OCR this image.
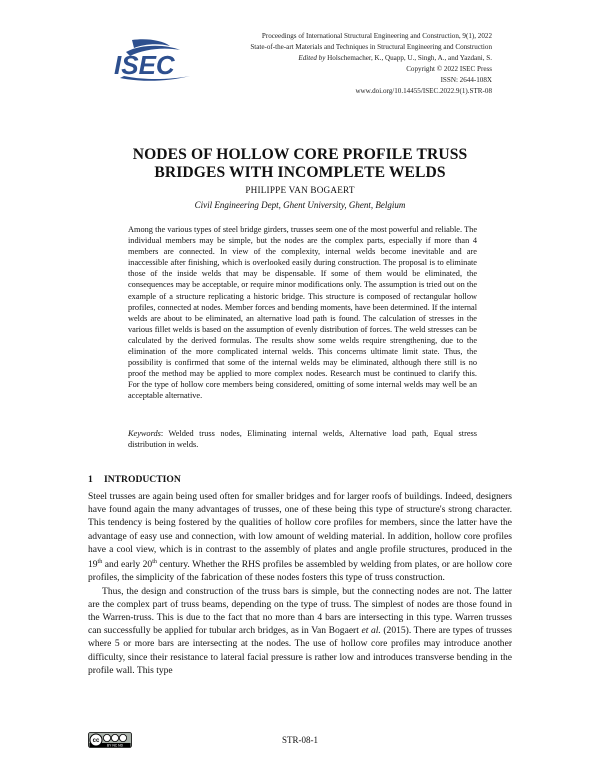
ISEC
Proceedings of International Structural Engineering and Construction, 9(1), 2022
State-of-the-art Materials and Techniques in Structural Engineering and Construction
Edited by Holschemacher, K., Quapp, U., Singh, A., and Yazdani, S.
Copyright © 2022 ISEC Press
ISSN: 2644-108X
www.doi.org/10.14455/ISEC.2022.9(1).STR-08
NODES OF HOLLOW CORE PROFILE TRUSS
BRIDGES WITH INCOMPLETE WELDS
PHILIPPE VAN BOGAERT
Civil Engineering Dept, Ghent University, Ghent, Belgium
Among the various types of steel bridge girders, trusses seem one of the most powerful and reliable. The individual members may be simple, but the nodes are the complex parts, especially if more than 4 members are connected. In view of the complexity, internal welds become inevitable and are inaccessible after finishing, which is overlooked easily during construction. The proposal is to eliminate those of the inside welds that may be dispensable. If some of them would be eliminated, the consequences may be acceptable, or require minor modifications only. The assumption is tried out on the example of a structure replicating a historic bridge. This structure is composed of rectangular hollow profiles, connected at nodes. Member forces and bending moments, have been determined. If the internal welds are about to be eliminated, an alternative load path is found. The calculation of stresses in the various fillet welds is based on the assumption of evenly distribution of forces. The weld stresses can be calculated by the derived formulas. The results show some welds require strengthening, due to the elimination of the more complicated internal welds. This concerns ultimate limit state. Thus, the possibility is confirmed that some of the internal welds may be eliminated, although there still is no proof the method may be applied to more complex nodes. Research must be continued to clarify this. For the type of hollow core members being considered, omitting of some internal welds may well be an acceptable alternative.
Keywords: Welded truss nodes, Eliminating internal welds, Alternative load path, Equal stress distribution in welds.
1 INTRODUCTION

Steel trusses are again being used often for smaller bridges and for larger roofs of buildings. Indeed, designers have found again the many advantages of trusses, one of these being this type of structure's strong character. This tendency is being fostered by the qualities of hollow core profiles for members, since the latter have the advantage of easy use and connection, with low amount of welding material. In addition, hollow core profiles have a cool view, which is in contrast to the assembly of plates and angle profile structures, produced in the 19th and early 20th century. Whether the RHS profiles be assembled by welding from plates, or are hollow core profiles, the simplicity of the fabrication of these nodes fosters this type of truss construction.

Thus, the design and construction of the truss bars is simple, but the connecting nodes are not. The latter are the complex part of truss beams, depending on the type of truss. The simplest of nodes are those found in the Warren-truss. This is due to the fact that no more than 4 bars are intersecting in this type. Warren trusses can successfully be applied for tubular arch bridges, as in Van Bogaert et al. (2015). There are types of trusses where 5 or more bars are intersecting at the nodes. The use of hollow core profiles may introduce another difficulty, since their resistance to lateral facial pressure is rather low and introduces transverse bending in the profile wall. This type

cc
BY NC ND
STR-08-1
